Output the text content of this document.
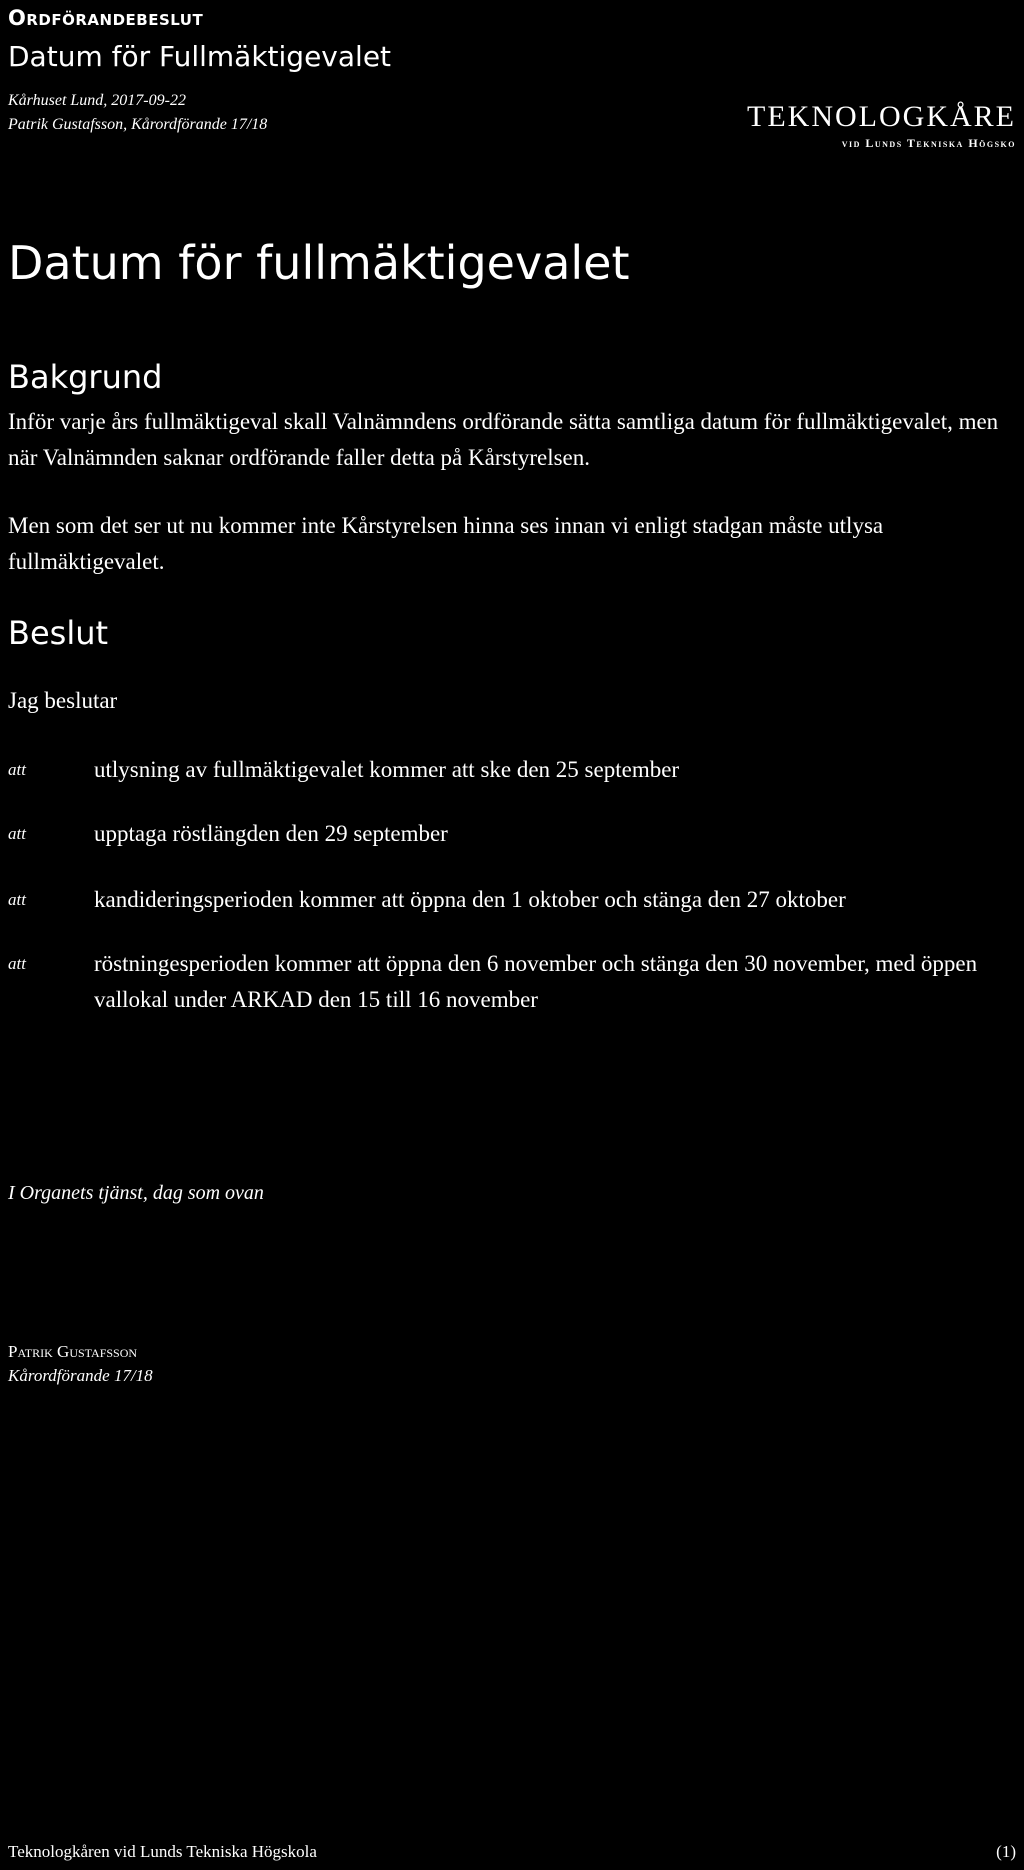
Ordförandebeslut
Datum för Fullmäktigevalet
Kårhuset Lund, 2017-09-22
Patrik Gustafsson, Kårordförande 17/18	TEKNOLOGKÅRE
vid Lunds Tekniska Högsko
Datum för fullmäktigevalet
Bakgrund
Inför varje års fullmäktigeval skall Valnämndens ordförande sätta samtliga datum för fullmäktigevalet, men när Valnämnden saknar ordförande faller detta på Kårstyrelsen.
Men som det ser ut nu kommer inte Kårstyrelsen hinna ses innan vi enligt stadgan måste utlysa fullmäktigevalet.
Beslut
Jag beslutar
att	utlysning av fullmäktigevalet kommer att ske den 25 september
att	upptaga röstlängden den 29 september
att	kandideringsperioden kommer att öppna den 1 oktober och stänga den 27 oktober
att	röstningesperioden kommer att öppna den 6 november och stänga den 30 november, med öppen vallokal under ARKAD den 15 till 16 november
I Organets tjänst, dag som ovan
Patrik Gustafsson
Kårordförande 17/18
Teknologkåren vid Lunds Tekniska Högskola	(1)
